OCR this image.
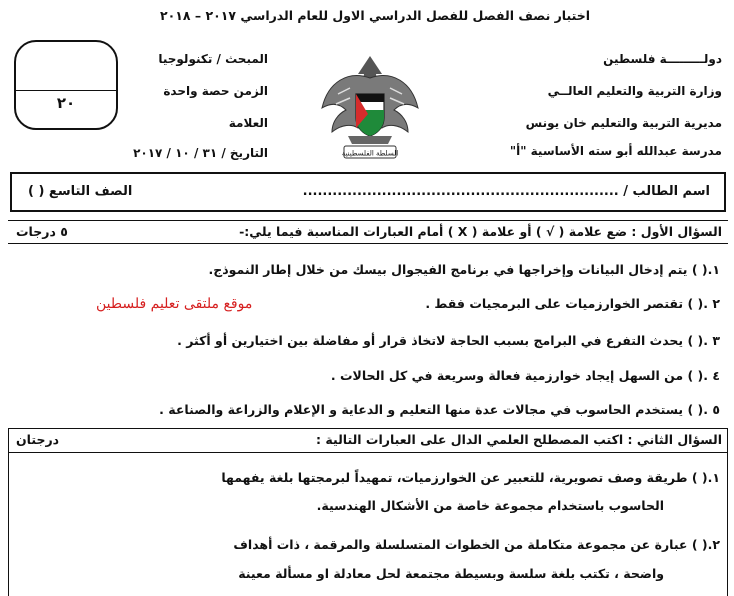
اختبار نصف الفصل للفصل الدراسي الاول للعام الدراسي ٢٠١٧ – ٢٠١٨
دولـــــــــة فلسطين
وزارة التربية والتعليم العالــي
مديرية التربية والتعليم خان يونس
مدرسة عبدالله أبو سته الأساسية "أ"
المبحث / تكنولوجيا
الزمن حصة واحدة
العلامة
التاريخ / ٣١ / ١٠ / ٢٠١٧
٢٠
السلطة الفلسطينية
اسم الطالب / ................................................................
الصف التاسع ( )
السؤال الأول : ضع علامة ( √ ) أو علامة ( X ) أمام العبارات المناسبة فيما يلي:-
٥ درجات
١.( ) يتم إدخال البيانات وإخراجها في برنامج الفيجوال بيسك من خلال إطار النموذج.
٢ .( ) تقتصر الخوارزميات على البرمجيات فقط .
٣ .( ) يحدث التفرع في البرامج بسبب الحاجة لاتخاذ قرار أو مفاضلة بين اختيارين أو أكثر .
٤ .( ) من السهل إيجاد خوارزمية فعالة وسريعة في كل الحالات .
٥ .( ) يستخدم الحاسوب في مجالات عدة منها التعليم و الدعاية و الإعلام والزراعة والصناعة .
موقع ملتقى تعليم فلسطين
السؤال الثاني : اكتب المصطلح العلمي الدال على العبارات التالية :
درجتان
١.( ) طريقة وصف تصويرية، للتعبير عن الخوارزميات، تمهيداً لبرمجتها بلغة يفهمها
الحاسوب باستخدام مجموعة خاصة من الأشكال الهندسية.
٢.( ) عبارة عن مجموعة متكاملة من الخطوات المتسلسلة والمرقمة ، ذات أهداف
واضحة ، تكتب بلغة سلسة وبسيطة مجتمعة لحل معادلة او مسألة معينة
